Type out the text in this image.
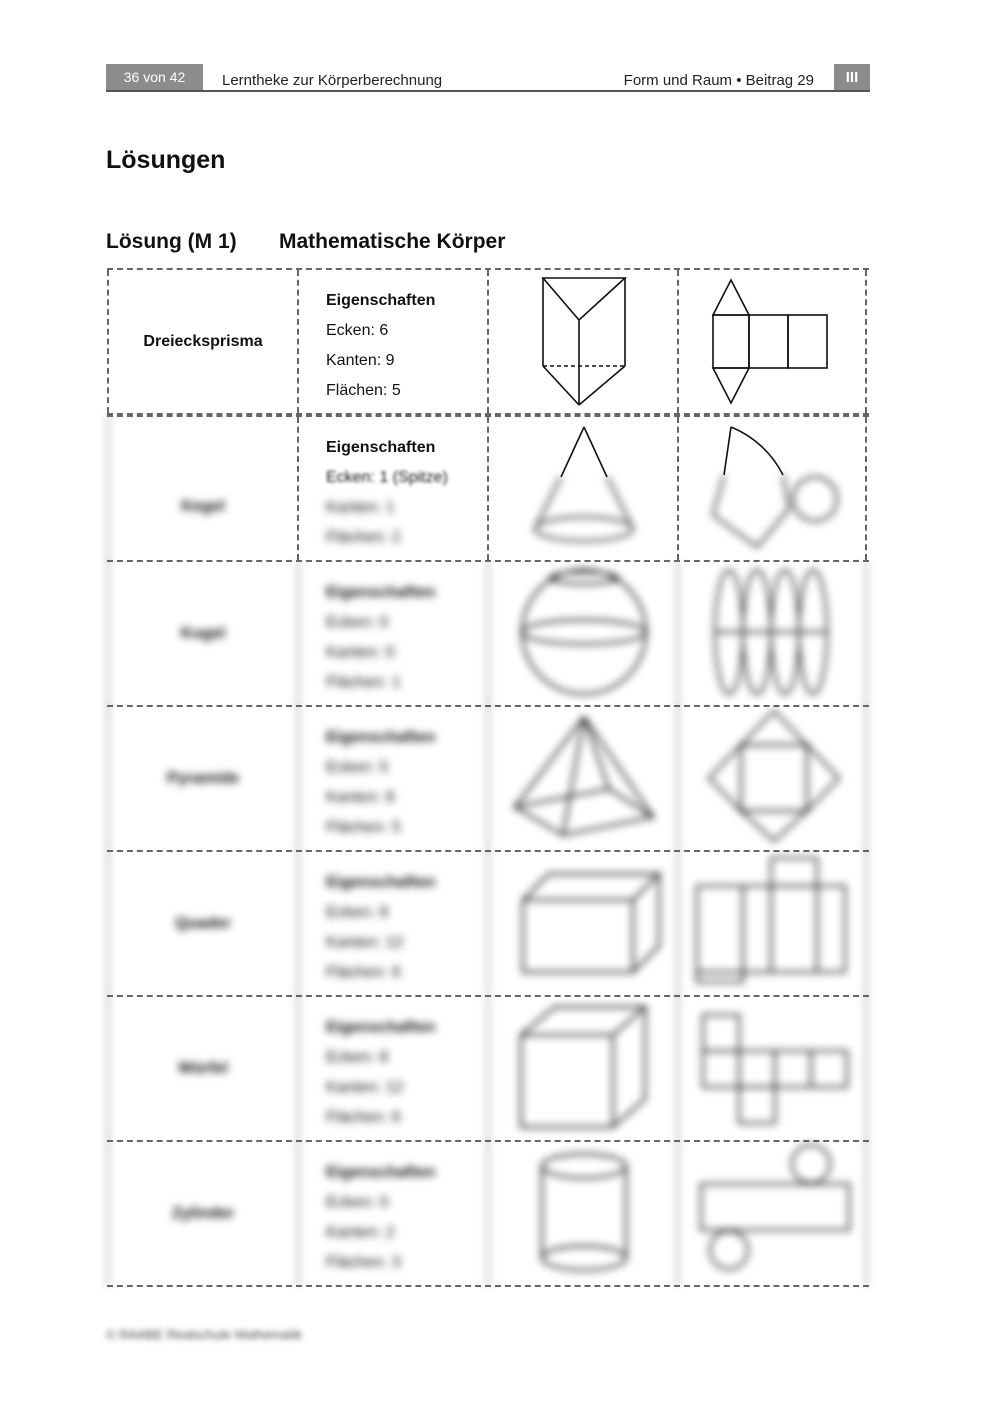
36 von 42	Lerntheke zur Körperberechnung	Form und Raum • Beitrag 29	III
Lösungen
Lösung (M 1) Mathematische Körper
Dreiecksprisma
Eigenschaften
Ecken: 6
Kanten: 9
Flächen: 5
Kegel
Eigenschaften
Ecken: 1 (Spitze)
Kanten: 1
Flächen: 2
Kugel
Eigenschaften
Ecken: 0
Kanten: 0
Flächen: 1
Pyramide
Eigenschaften
Ecken: 5
Kanten: 8
Flächen: 5
Quader
Eigenschaften
Ecken: 8
Kanten: 12
Flächen: 6
Würfel
Eigenschaften
Ecken: 8
Kanten: 12
Flächen: 6
Zylinder
Eigenschaften
Ecken: 0
Kanten: 2
Flächen: 3
© RAABE Realschule Mathematik
